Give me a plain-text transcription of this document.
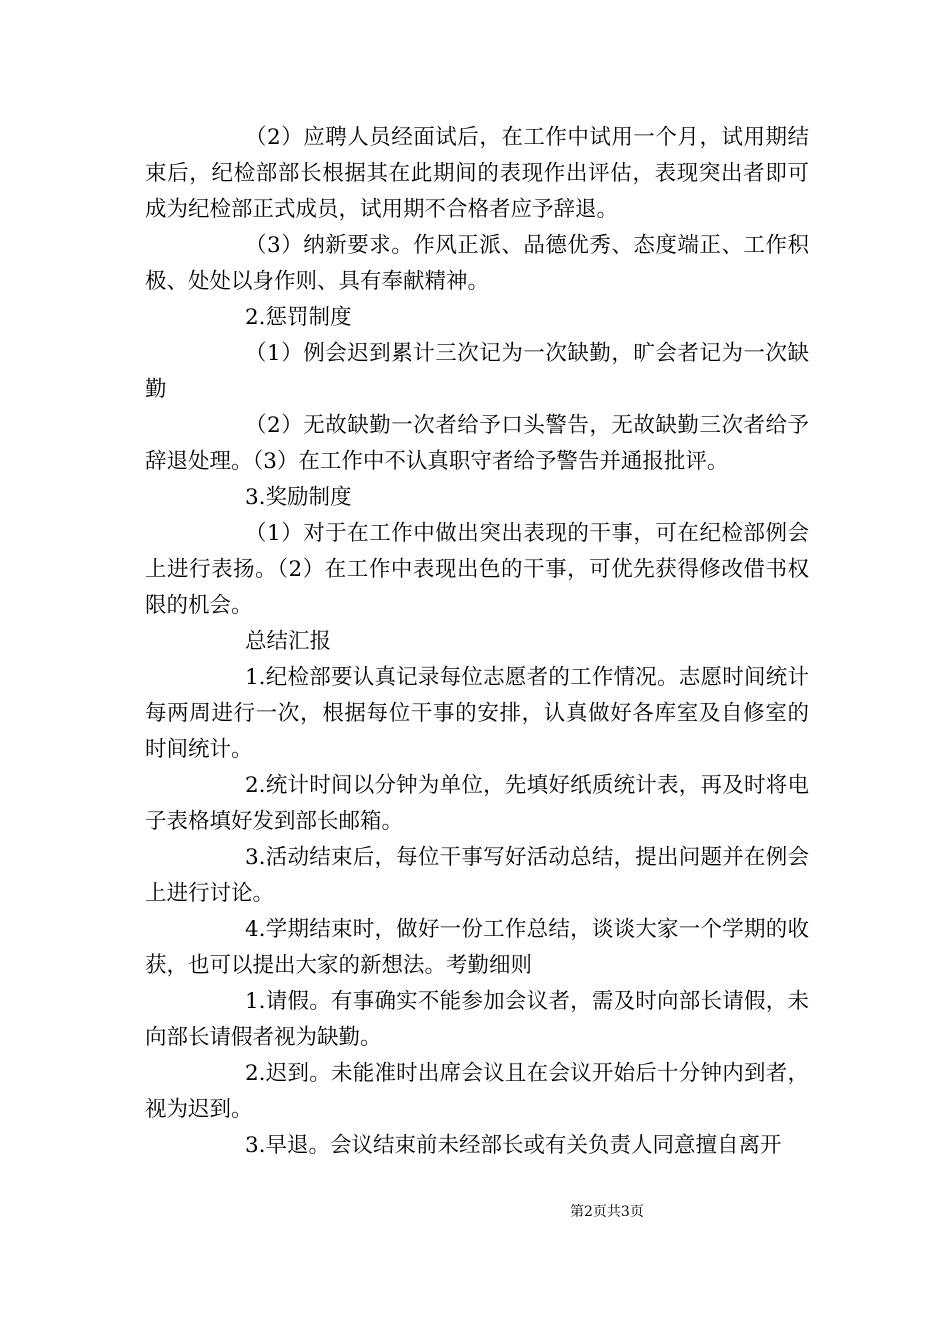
（2）应聘人员经面试后，在工作中试用一个月，试用期结束后，纪检部部长根据其在此期间的表现作出评估，表现突出者即可成为纪检部正式成员，试用期不合格者应予辞退。

（3）纳新要求。作风正派、品德优秀、态度端正、工作积极、处处以身作则、具有奉献精神。

2.惩罚制度

（1）例会迟到累计三次记为一次缺勤，旷会者记为一次缺勤

（2）无故缺勤一次者给予口头警告，无故缺勤三次者给予辞退处理。（3）在工作中不认真职守者给予警告并通报批评。

3.奖励制度

（1）对于在工作中做出突出表现的干事，可在纪检部例会上进行表扬。（2）在工作中表现出色的干事，可优先获得修改借书权限的机会。

总结汇报

1.纪检部要认真记录每位志愿者的工作情况。志愿时间统计每两周进行一次，根据每位干事的安排，认真做好各库室及自修室的时间统计。

2.统计时间以分钟为单位，先填好纸质统计表，再及时将电子表格填好发到部长邮箱。

3.活动结束后，每位干事写好活动总结，提出问题并在例会上进行讨论。

4.学期结束时，做好一份工作总结，谈谈大家一个学期的收获，也可以提出大家的新想法。考勤细则

1.请假。有事确实不能参加会议者，需及时向部长请假，未向部长请假者视为缺勤。

2.迟到。未能准时出席会议且在会议开始后十分钟内到者，视为迟到。

3.早退。会议结束前未经部长或有关负责人同意擅自离开

第2页共3页
